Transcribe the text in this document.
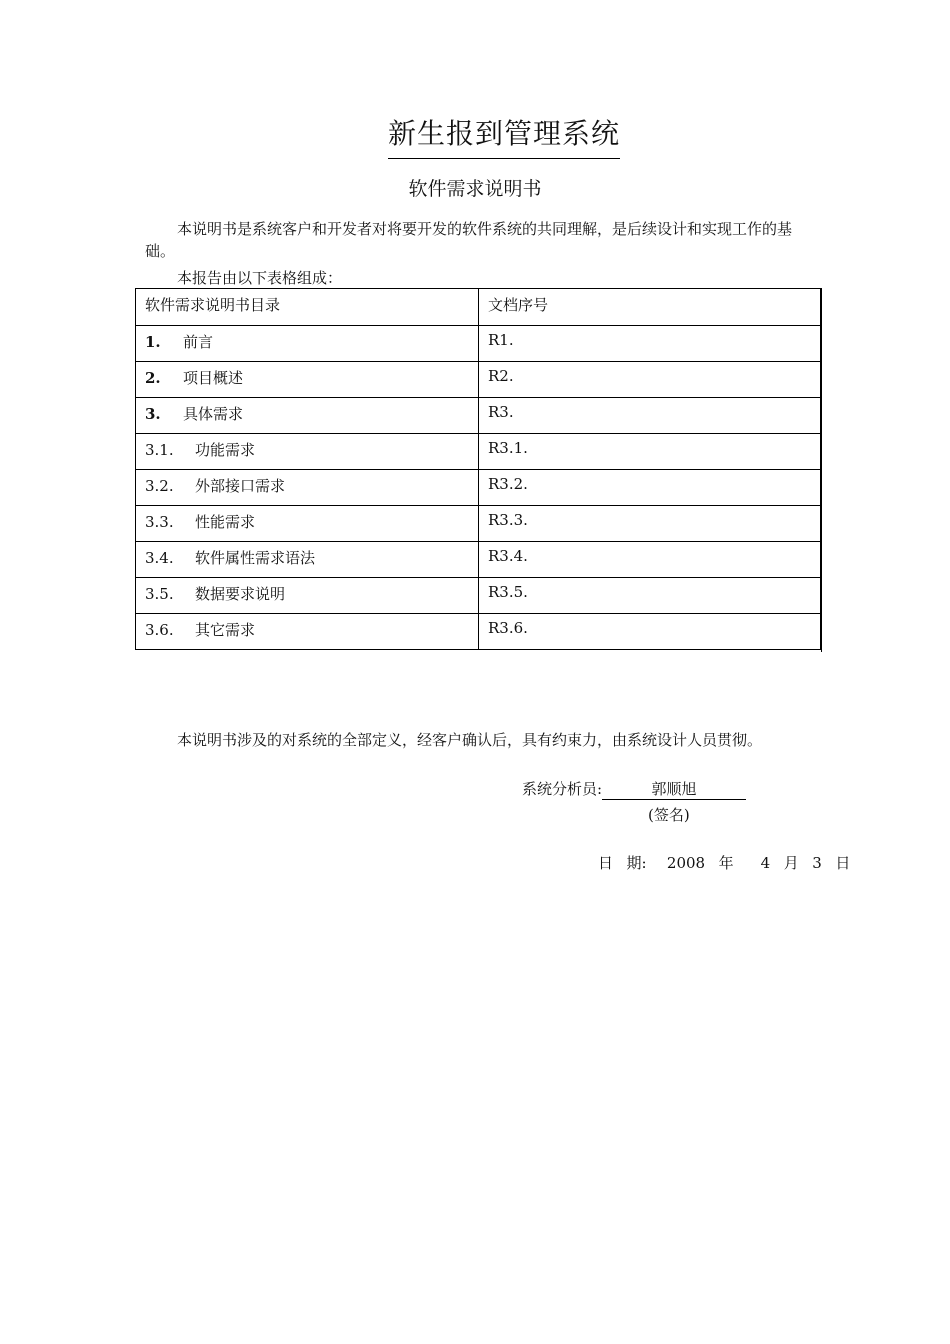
新生报到管理系统
软件需求说明书
本说明书是系统客户和开发者对将要开发的软件系统的共同理解，是后续设计和实现工作的基础。
本报告由以下表格组成：
软件需求说明书目录	文档序号

1. 前言	R1.

2. 项目概述	R2.

3. 具体需求	R3.

3.1. 功能需求	R3.1.

3.2. 外部接口需求	R3.2.

3.3. 性能需求	R3.3.

3.4. 软件属性需求语法	R3.4.

3.5. 数据要求说明	R3.5.

3.6. 其它需求	R3.6.
本说明书涉及的对系统的全部定义，经客户确认后，具有约束力，由系统设计人员贯彻。
系统分析员:	郭顺旭
(签名)
日  期:   2008  年    4  月  3  日
